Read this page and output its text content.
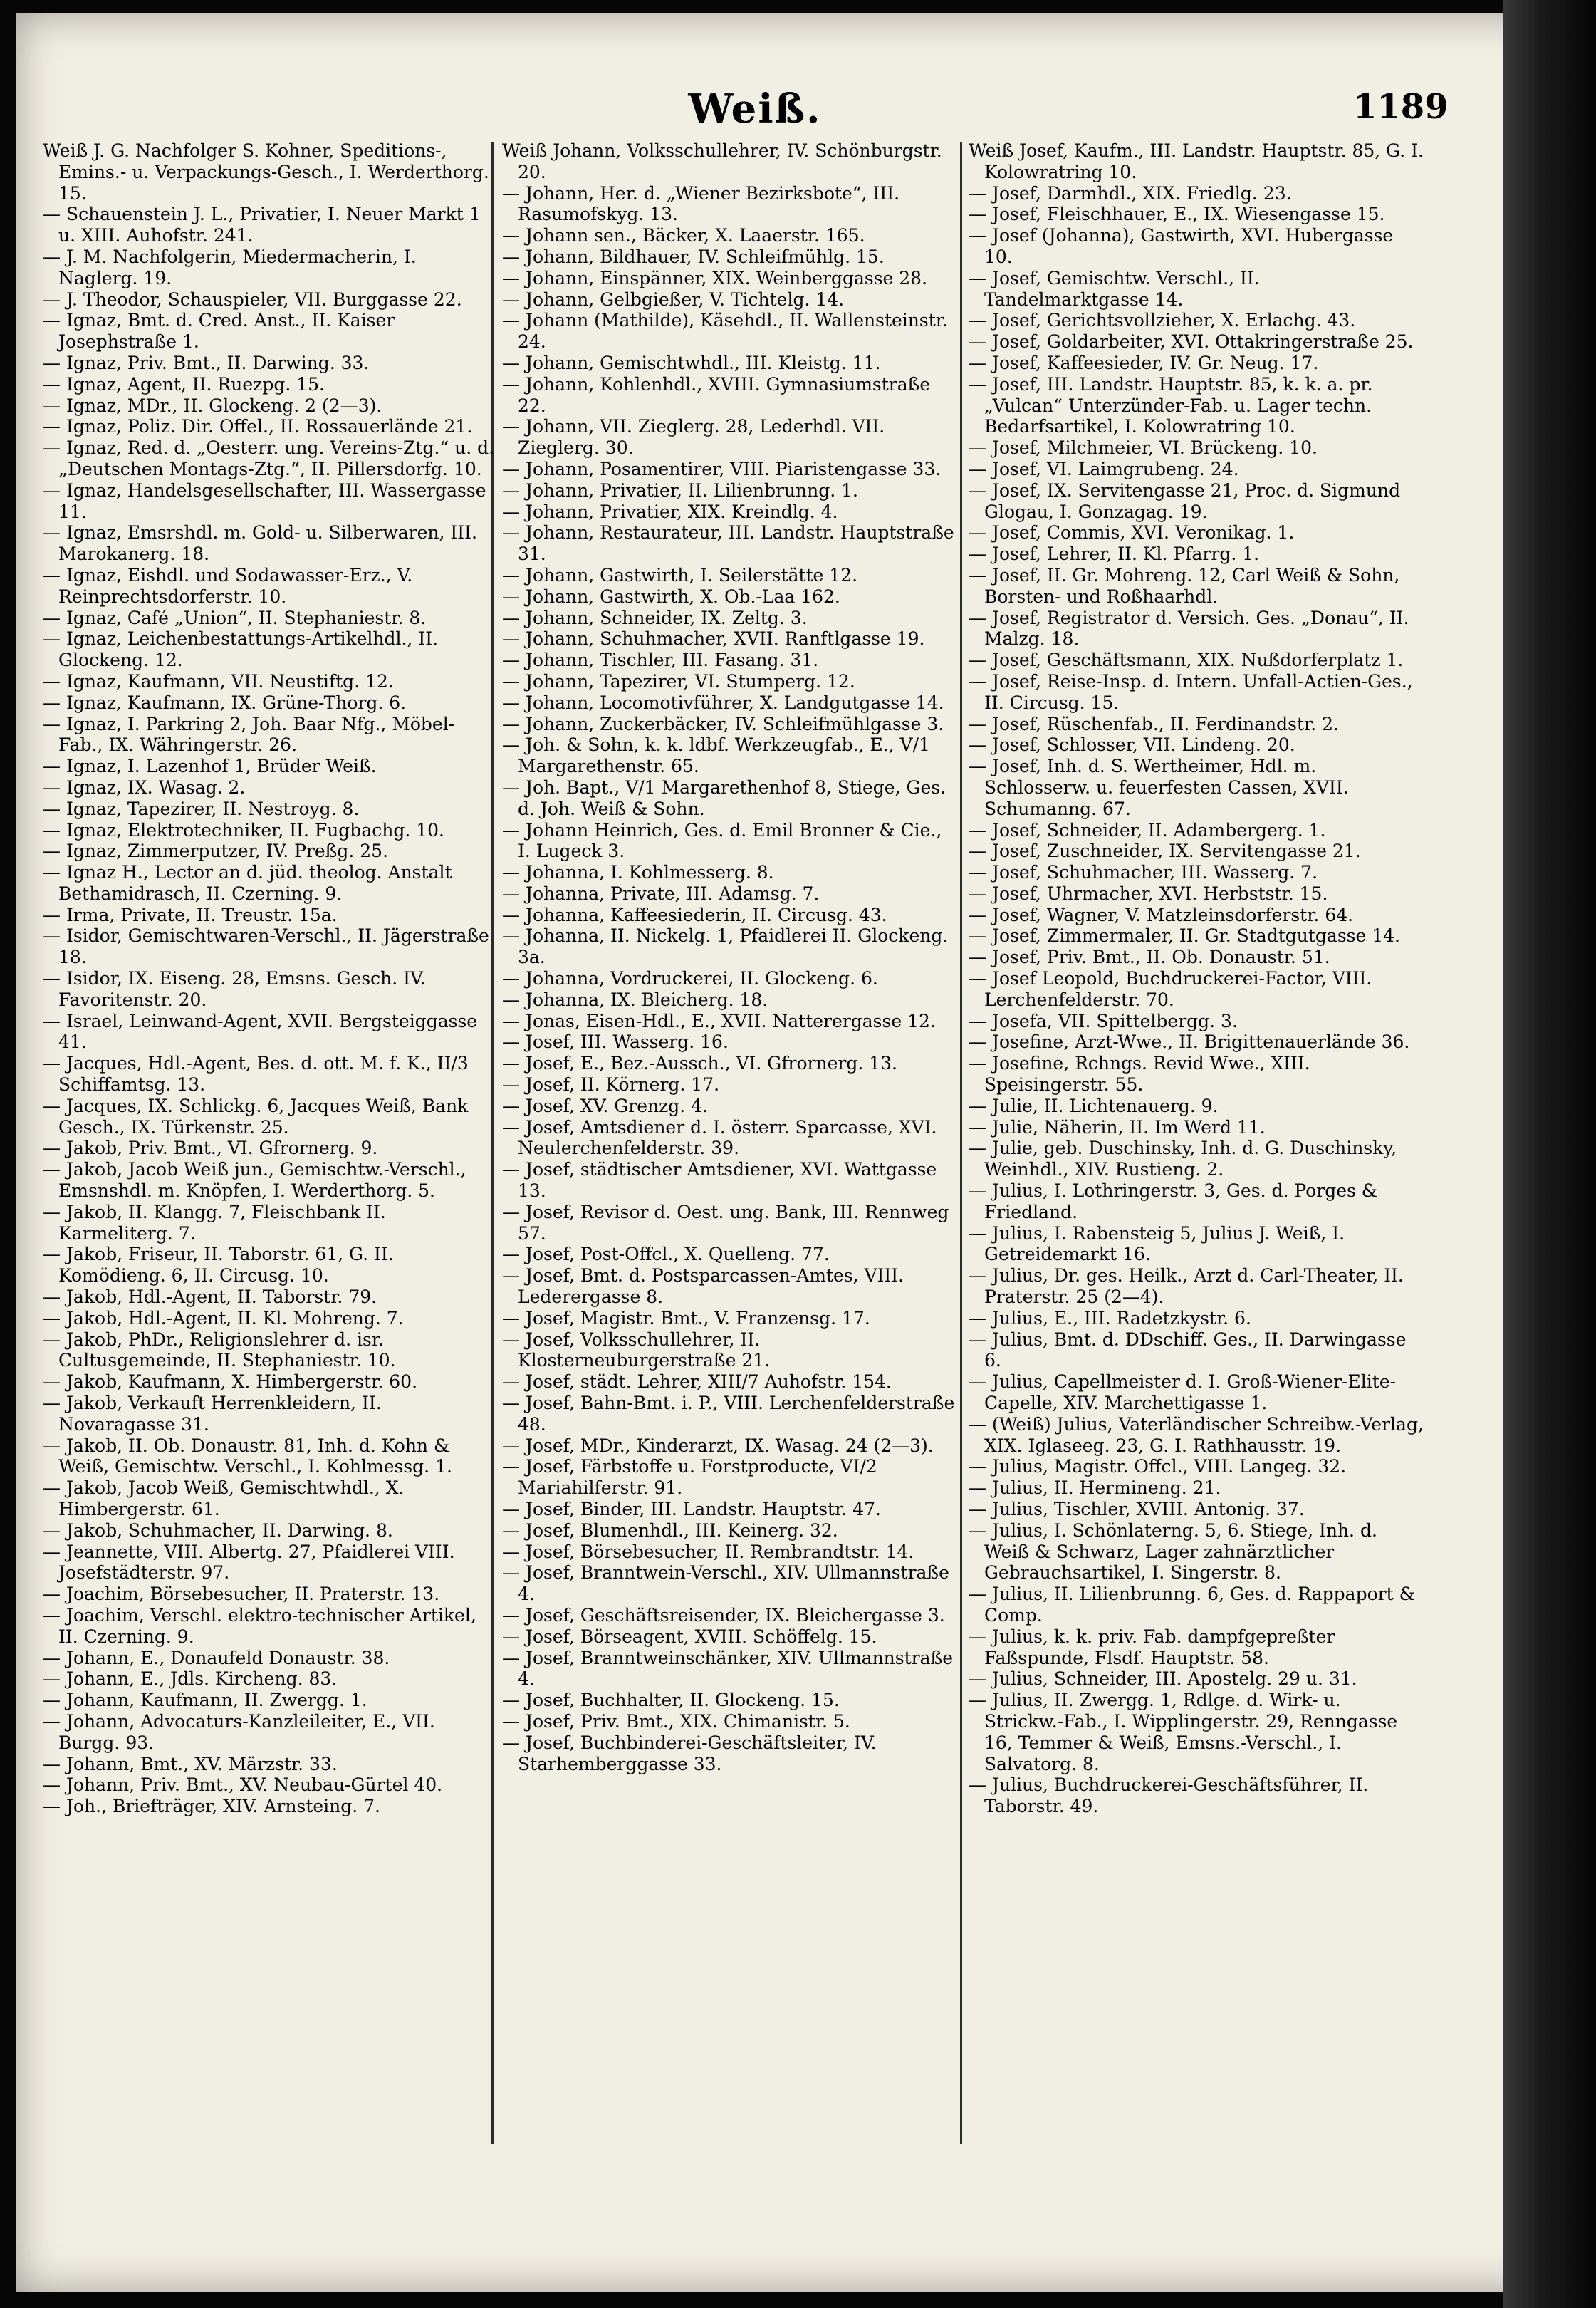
Weiß.	1189

Weiß J. G. Nachfolger S. Kohner, Speditions-, Emins.- u. Verpackungs-Gesch., I. Werderthorg. 15.

— Schauenstein J. L., Privatier, I. Neuer Markt 1 u. XIII. Auhofstr. 241.

— J. M. Nachfolgerin, Miedermacherin, I. Naglerg. 19.

— J. Theodor, Schauspieler, VII. Burggasse 22.

— Ignaz, Bmt. d. Cred. Anst., II. Kaiser Josephstraße 1.

— Ignaz, Priv. Bmt., II. Darwing. 33.

— Ignaz, Agent, II. Ruezpg. 15.

— Ignaz, MDr., II. Glockeng. 2 (2—3).

— Ignaz, Poliz. Dir. Offel., II. Rossauerlände 21.

— Ignaz, Red. d. „Oesterr. ung. Vereins-Ztg.“ u. d. „Deutschen Montags-Ztg.“, II. Pillersdorfg. 10.

— Ignaz, Handelsgesellschafter, III. Wassergasse 11.

— Ignaz, Emsrshdl. m. Gold- u. Silberwaren, III. Marokanerg. 18.

— Ignaz, Eishdl. und Sodawasser-Erz., V. Reinprechtsdorferstr. 10.

— Ignaz, Café „Union“, II. Stephaniestr. 8.

— Ignaz, Leichenbestattungs-Artikelhdl., II. Glockeng. 12.

— Ignaz, Kaufmann, VII. Neustiftg. 12.

— Ignaz, Kaufmann, IX. Grüne-Thorg. 6.

— Ignaz, I. Parkring 2, Joh. Baar Nfg., Möbel-Fab., IX. Währingerstr. 26.

— Ignaz, I. Lazenhof 1, Brüder Weiß.

— Ignaz, IX. Wasag. 2.

— Ignaz, Tapezirer, II. Nestroyg. 8.

— Ignaz, Elektrotechniker, II. Fugbachg. 10.

— Ignaz, Zimmerputzer, IV. Preßg. 25.

— Ignaz H., Lector an d. jüd. theolog. Anstalt Bethamidrasch, II. Czerning. 9.

— Irma, Private, II. Treustr. 15a.

— Isidor, Gemischtwaren-Verschl., II. Jägerstraße 18.

— Isidor, IX. Eiseng. 28, Emsns. Gesch. IV. Favoritenstr. 20.

— Israel, Leinwand-Agent, XVII. Bergsteiggasse 41.

— Jacques, Hdl.-Agent, Bes. d. ott. M. f. K., II/3 Schiffamtsg. 13.

— Jacques, IX. Schlickg. 6, Jacques Weiß, Bank Gesch., IX. Türkenstr. 25.

— Jakob, Priv. Bmt., VI. Gfrornerg. 9.

— Jakob, Jacob Weiß jun., Gemischtw.-Verschl., Emsnshdl. m. Knöpfen, I. Werderthorg. 5.

— Jakob, II. Klangg. 7, Fleischbank II. Karmeliterg. 7.

— Jakob, Friseur, II. Taborstr. 61, G. II. Komödieng. 6, II. Circusg. 10.

— Jakob, Hdl.-Agent, II. Taborstr. 79.

— Jakob, Hdl.-Agent, II. Kl. Mohreng. 7.

— Jakob, PhDr., Religionslehrer d. isr. Cultusgemeinde, II. Stephaniestr. 10.

— Jakob, Kaufmann, X. Himbergerstr. 60.

— Jakob, Verkauft Herrenkleidern, II. Novaragasse 31.

— Jakob, II. Ob. Donaustr. 81, Inh. d. Kohn & Weiß, Gemischtw. Verschl., I. Kohlmessg. 1.

— Jakob, Jacob Weiß, Gemischtwhdl., X. Himbergerstr. 61.

— Jakob, Schuhmacher, II. Darwing. 8.

— Jeannette, VIII. Albertg. 27, Pfaidlerei VIII. Josefstädterstr. 97.

— Joachim, Börsebesucher, II. Praterstr. 13.

— Joachim, Verschl. elektro-technischer Artikel, II. Czerning. 9.

— Johann, E., Donaufeld Donaustr. 38.

— Johann, E., Jdls. Kircheng. 83.

— Johann, Kaufmann, II. Zwergg. 1.

— Johann, Advocaturs-Kanzleileiter, E., VII. Burgg. 93.

— Johann, Bmt., XV. Märzstr. 33.

— Johann, Priv. Bmt., XV. Neubau-Gürtel 40.

— Joh., Briefträger, XIV. Arnsteing. 7.

Weiß Johann, Volksschullehrer, IV. Schönburgstr. 20.

— Johann, Her. d. „Wiener Bezirksbote“, III. Rasumofskyg. 13.

— Johann sen., Bäcker, X. Laaerstr. 165.

— Johann, Bildhauer, IV. Schleifmühlg. 15.

— Johann, Einspänner, XIX. Weinberggasse 28.

— Johann, Gelbgießer, V. Tichtelg. 14.

— Johann (Mathilde), Käsehdl., II. Wallensteinstr. 24.

— Johann, Gemischtwhdl., III. Kleistg. 11.

— Johann, Kohlenhdl., XVIII. Gymnasiumstraße 22.

— Johann, VII. Zieglerg. 28, Lederhdl. VII. Zieglerg. 30.

— Johann, Posamentirer, VIII. Piaristengasse 33.

— Johann, Privatier, II. Lilienbrunng. 1.

— Johann, Privatier, XIX. Kreindlg. 4.

— Johann, Restaurateur, III. Landstr. Hauptstraße 31.

— Johann, Gastwirth, I. Seilerstätte 12.

— Johann, Gastwirth, X. Ob.-Laa 162.

— Johann, Schneider, IX. Zeltg. 3.

— Johann, Schuhmacher, XVII. Ranftlgasse 19.

— Johann, Tischler, III. Fasang. 31.

— Johann, Tapezirer, VI. Stumperg. 12.

— Johann, Locomotivführer, X. Landgutgasse 14.

— Johann, Zuckerbäcker, IV. Schleifmühlgasse 3.

— Joh. & Sohn, k. k. ldbf. Werkzeugfab., E., V/1 Margarethenstr. 65.

— Joh. Bapt., V/1 Margarethenhof 8, Stiege, Ges. d. Joh. Weiß & Sohn.

— Johann Heinrich, Ges. d. Emil Bronner & Cie., I. Lugeck 3.

— Johanna, I. Kohlmesserg. 8.

— Johanna, Private, III. Adamsg. 7.

— Johanna, Kaffeesiederin, II. Circusg. 43.

— Johanna, II. Nickelg. 1, Pfaidlerei II. Glockeng. 3a.

— Johanna, Vordruckerei, II. Glockeng. 6.

— Johanna, IX. Bleicherg. 18.

— Jonas, Eisen-Hdl., E., XVII. Natterergasse 12.

— Josef, III. Wasserg. 16.

— Josef, E., Bez.-Aussch., VI. Gfrornerg. 13.

— Josef, II. Körnerg. 17.

— Josef, XV. Grenzg. 4.

— Josef, Amtsdiener d. I. österr. Sparcasse, XVI. Neulerchenfelderstr. 39.

— Josef, städtischer Amtsdiener, XVI. Wattgasse 13.

— Josef, Revisor d. Oest. ung. Bank, III. Rennweg 57.

— Josef, Post-Offcl., X. Quelleng. 77.

— Josef, Bmt. d. Postsparcassen-Amtes, VIII. Lederergasse 8.

— Josef, Magistr. Bmt., V. Franzensg. 17.

— Josef, Volksschullehrer, II. Klosterneuburgerstraße 21.

— Josef, städt. Lehrer, XIII/7 Auhofstr. 154.

— Josef, Bahn-Bmt. i. P., VIII. Lerchenfelderstraße 48.

— Josef, MDr., Kinderarzt, IX. Wasag. 24 (2—3).

— Josef, Färbstoffe u. Forstproducte, VI/2 Mariahilferstr. 91.

— Josef, Binder, III. Landstr. Hauptstr. 47.

— Josef, Blumenhdl., III. Keinerg. 32.

— Josef, Börsebesucher, II. Rembrandtstr. 14.

— Josef, Branntwein-Verschl., XIV. Ullmannstraße 4.

— Josef, Geschäftsreisender, IX. Bleichergasse 3.

— Josef, Börseagent, XVIII. Schöffelg. 15.

— Josef, Branntweinschänker, XIV. Ullmannstraße 4.

— Josef, Buchhalter, II. Glockeng. 15.

— Josef, Priv. Bmt., XIX. Chimanistr. 5.

— Josef, Buchbinderei-Geschäftsleiter, IV. Starhemberggasse 33.

Weiß Josef, Kaufm., III. Landstr. Hauptstr. 85, G. I. Kolowratring 10.

— Josef, Darmhdl., XIX. Friedlg. 23.

— Josef, Fleischhauer, E., IX. Wiesengasse 15.

— Josef (Johanna), Gastwirth, XVI. Hubergasse 10.

— Josef, Gemischtw. Verschl., II. Tandelmarktgasse 14.

— Josef, Gerichtsvollzieher, X. Erlachg. 43.

— Josef, Goldarbeiter, XVI. Ottakringerstraße 25.

— Josef, Kaffeesieder, IV. Gr. Neug. 17.

— Josef, III. Landstr. Hauptstr. 85, k. k. a. pr. „Vulcan“ Unterzünder-Fab. u. Lager techn. Bedarfsartikel, I. Kolowratring 10.

— Josef, Milchmeier, VI. Brückeng. 10.

— Josef, VI. Laimgrubeng. 24.

— Josef, IX. Servitengasse 21, Proc. d. Sigmund Glogau, I. Gonzagag. 19.

— Josef, Commis, XVI. Veronikag. 1.

— Josef, Lehrer, II. Kl. Pfarrg. 1.

— Josef, II. Gr. Mohreng. 12, Carl Weiß & Sohn, Borsten- und Roßhaarhdl.

— Josef, Registrator d. Versich. Ges. „Donau“, II. Malzg. 18.

— Josef, Geschäftsmann, XIX. Nußdorferplatz 1.

— Josef, Reise-Insp. d. Intern. Unfall-Actien-Ges., II. Circusg. 15.

— Josef, Rüschenfab., II. Ferdinandstr. 2.

— Josef, Schlosser, VII. Lindeng. 20.

— Josef, Inh. d. S. Wertheimer, Hdl. m. Schlosserw. u. feuerfesten Cassen, XVII. Schumanng. 67.

— Josef, Schneider, II. Adambergerg. 1.

— Josef, Zuschneider, IX. Servitengasse 21.

— Josef, Schuhmacher, III. Wasserg. 7.

— Josef, Uhrmacher, XVI. Herbststr. 15.

— Josef, Wagner, V. Matzleinsdorferstr. 64.

— Josef, Zimmermaler, II. Gr. Stadtgutgasse 14.

— Josef, Priv. Bmt., II. Ob. Donaustr. 51.

— Josef Leopold, Buchdruckerei-Factor, VIII. Lerchenfelderstr. 70.

— Josefa, VII. Spittelbergg. 3.

— Josefine, Arzt-Wwe., II. Brigittenauerlände 36.

— Josefine, Rchngs. Revid Wwe., XIII. Speisingerstr. 55.

— Julie, II. Lichtenauerg. 9.

— Julie, Näherin, II. Im Werd 11.

— Julie, geb. Duschinsky, Inh. d. G. Duschinsky, Weinhdl., XIV. Rustieng. 2.

— Julius, I. Lothringerstr. 3, Ges. d. Porges & Friedland.

— Julius, I. Rabensteig 5, Julius J. Weiß, I. Getreidemarkt 16.

— Julius, Dr. ges. Heilk., Arzt d. Carl-Theater, II. Praterstr. 25 (2—4).

— Julius, E., III. Radetzkystr. 6.

— Julius, Bmt. d. DDschiff. Ges., II. Darwingasse 6.

— Julius, Capellmeister d. I. Groß-Wiener-Elite-Capelle, XIV. Marchettigasse 1.

— (Weiß) Julius, Vaterländischer Schreibw.-Verlag, XIX. Iglaseeg. 23, G. I. Rathhausstr. 19.

— Julius, Magistr. Offcl., VIII. Langeg. 32.

— Julius, II. Hermineng. 21.

— Julius, Tischler, XVIII. Antonig. 37.

— Julius, I. Schönlaterng. 5, 6. Stiege, Inh. d. Weiß & Schwarz, Lager zahnärztlicher Gebrauchsartikel, I. Singerstr. 8.

— Julius, II. Lilienbrunng. 6, Ges. d. Rappaport & Comp.

— Julius, k. k. priv. Fab. dampfgepreßter Faßspunde, Flsdf. Hauptstr. 58.

— Julius, Schneider, III. Apostelg. 29 u. 31.

— Julius, II. Zwergg. 1, Rdlge. d. Wirk- u. Strickw.-Fab., I. Wipplingerstr. 29, Renngasse 16, Temmer & Weiß, Emsns.-Verschl., I. Salvatorg. 8.

— Julius, Buchdruckerei-Geschäftsführer, II. Taborstr. 49.
